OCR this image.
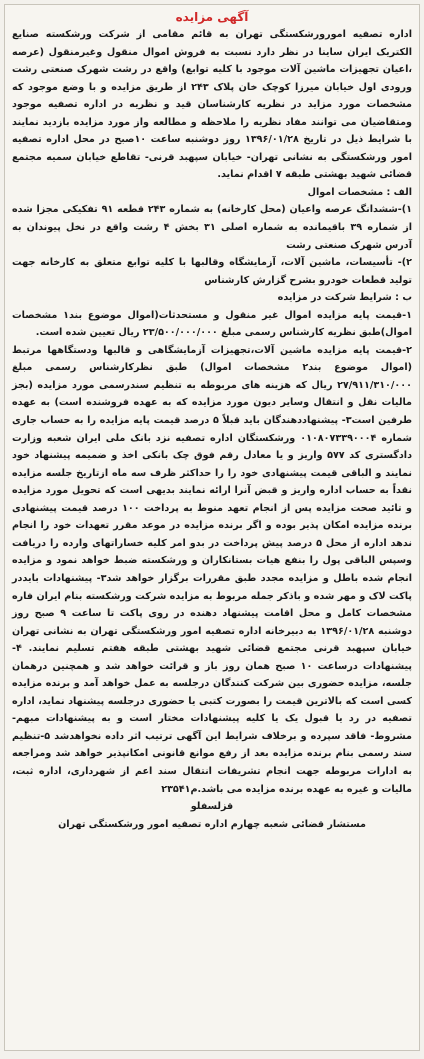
آگهی مزایده

اداره تصفیه امورورشکستگی تهران به قائم مقامی از شرکت ورشکسته صنایع الکتریک ایران ساینا در نظر دارد نسبت به فروش اموال منقول وغیرمنقول (عرصه ،اعیان تجهیزات ماشین آلات موجود با کلیه توابع) واقع در رشت شهرک صنعتی رشت ورودی اول خیابان میرزا کوچک خان پلاک ۲۴۳ از طریق مزایده و با وضع موجود که مشخصات مورد مزاید در نظریه کارشناسان قید و نظریه در اداره تصفیه موجود ومتقاضیان می توانند مفاد نظریه را ملاحظه و مطالعه واز مورد مزایده بازدید نمایند با شرایط ذیل در تاریخ ۱۳۹۶/۰۱/۲۸ روز دوشنبه ساعت ۱۰صبح در محل اداره تصفیه امور ورشکستگی به نشانی تهران- خیابان سپهبد قرنی- تقاطع خیابان سمیه مجتمع قضائی شهید بهشتی طبقه ۷ اقدام نماید.

الف : مشخصات اموال

۱)-ششدانگ عرصه واعیان (محل کارخانه) به شماره ۲۴۳ قطعه ۹۱ تفکیکی مجزا شده از شماره ۳۹ باقیمانده به شماره اصلی ۳۱ بخش ۴ رشت واقع در نخل پیوندان به آدرس شهرک صنعتی رشت

۲)- تأسیسات، ماشین آلات، آزمایشگاه وقالبها با کلیه توابع متعلق به کارخانه جهت تولید قطعات خودرو بشرح گزارش کارشناس

ب : شرایط شرکت در مزایده

۱-قیمت پایه مزایده اموال غیر منقول و مستحدثات(اموال موضوع بند۱ مشخصات اموال)طبق نظریه کارشناس رسمی مبلغ ۲۳/۵۰۰/۰۰۰/۰۰۰ ریال تعیین شده است.

۲-قیمت پایه مزایده ماشین آلات،تجهیزات آزمایشگاهی و قالبها ودستگاهها مرتبط (اموال موضوع بند۲ مشخصات اموال) طبق نظرکارشناس رسمی مبلغ ۲۷/۹۱۱/۳۱۰/۰۰۰ ریال که هزینه های مربوطه به تنظیم سندرسمی مورد مزایده (بجز مالیات نقل و انتقال وسایر دیون مورد مزایده که به عهده فروشنده است) به عهده طرفین است۳- پیشنهاددهندگان باید قبلاً ۵ درصد قیمت پایه مزایده را به حساب جاری شماره ۰۱۰۸۰۷۳۳۹۰۰۰۴ ورشکستگان اداره تصفیه نزد بانک ملی ایران شعبه وزارت دادگستری کد ۵۷۷ واریز و یا معادل رقم فوق چک بانکی اخذ و ضمیمه پیشنهاد خود نمایند و الباقی قیمت پیشنهادی خود را را حداکثر ظرف سه ماه ازتاریخ جلسه مزایده نقداً به حساب اداره واریز و قبض آنرا ارائه نمایند بدیهی است که تحویل مورد مزایده و تائید صحت مزایده پس از انجام تعهد منوط به پرداخت ۱۰۰ درصد قیمت پیشنهادی برنده مزایده امکان پذیر بوده و اگر برنده مزایده در موعد مقرر تعهدات خود را انجام ندهد اداره از محل ۵ درصد پیش پرداخت در بدو امر کلیه خساراتهای وارده را دریافت وسپس الباقی پول را بنفع هیات بستانکاران و ورشکسته ضبط خواهد نمود و مزایده انجام شده باطل و مزایده مجدد طبق مقررات برگزار خواهد شد۳- پیشنهادات بایددر پاکت لاک و مهر شده و باذکر جمله مربوط به مزایده شرکت ورشکسته بنام ایران فاره مشخصات کامل و محل اقامت پیشنهاد دهنده در روی پاکت تا ساعت ۹ صبح روز دوشنبه ۱۳۹۶/۰۱/۲۸ به دبیرخانه اداره تصفیه امور ورشکستگی تهران به نشانی تهران خیابان سپهبد قرنی مجتمع قضائی شهید بهشتی طبقه هفتم تسلیم نمایند. ۴- پیشنهادات درساعت ۱۰ صبح همان روز باز و قرائت خواهد شد و همچنین درهمان جلسه، مزایده حضوری بین شرکت کنندگان درجلسه به عمل خواهد آمد و برنده مزایده کسی است که بالاترین قیمت را بصورت کتبی یا حضوری درجلسه پیشنهاد نماید، اداره تصفیه در رد یا قبول یک یا کلیه پیشنهادات مختار است و به پیشنهادات مبهم- مشروط- فاقد سپرده و برخلاف شرایط این آگهی ترتیب اثر داده نخواهدشد ۵-تنظیم سند رسمی بنام برنده مزایده بعد از رفع موانع قانونی امکانپذیر خواهد شد ومراجعه به ادارات مربوطه جهت انجام تشریفات انتقال سند اعم از شهرداری، اداره ثبت، مالیات و غیره به عهده برنده مزایده می باشد.م۲۳۵۴۱

قزلسفلو

مستشار قضائی شعبه چهارم اداره تصفیه امور ورشکستگی تهران
